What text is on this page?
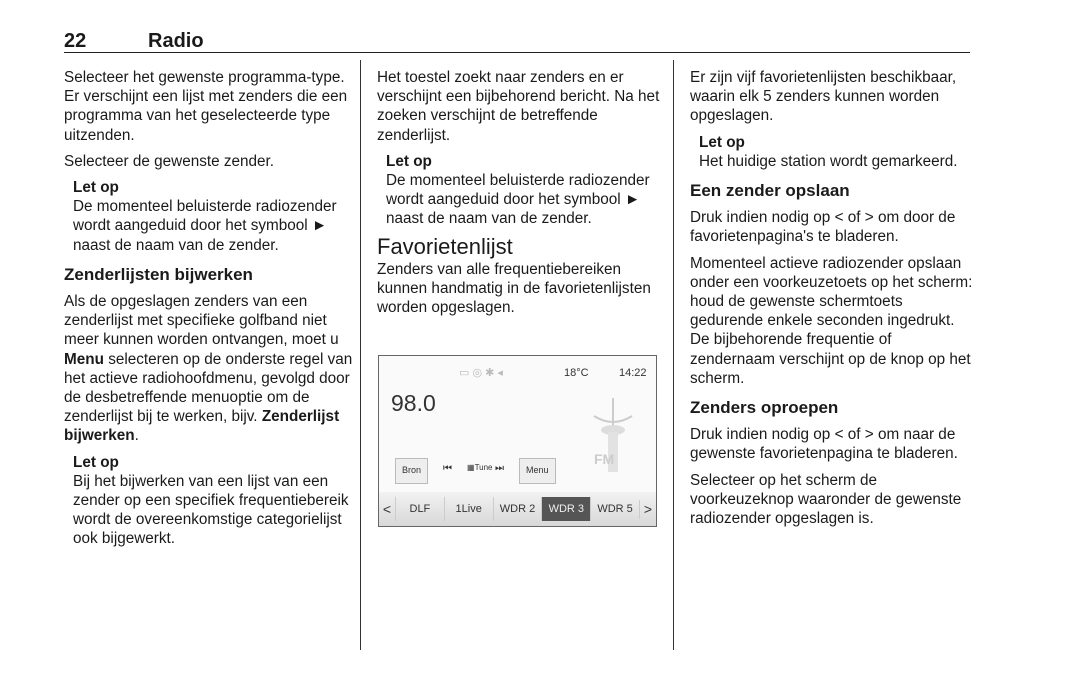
22	Radio

Selecteer het gewenste programma-type. Er verschijnt een lijst met zenders die een programma van het geselecteerde type uitzenden.

Selecteer de gewenste zender.

Let op
De momenteel beluisterde radiozender wordt aangeduid door het symbool ► naast de naam van de zender.
Zenderlijsten bijwerken

Als de opgeslagen zenders van een zenderlijst met specifieke golfband niet meer kunnen worden ontvangen, moet u Menu selecteren op de onderste regel van het actieve radiohoofdmenu, gevolgd door de desbetreffende menuoptie om de zenderlijst bij te werken, bijv. Zenderlijst bijwerken.

Let op
Bij het bijwerken van een lijst van een zender op een specifiek frequentiebereik wordt de overeenkomstige categorielijst ook bijgewerkt.

Het toestel zoekt naar zenders en er verschijnt een bijbehorend bericht. Na het zoeken verschijnt de betreffende zenderlijst.

Let op
De momenteel beluisterde radiozender wordt aangeduid door het symbool ► naast de naam van de zender.
Favorietenlijst

Zenders van alle frequentiebereiken kunnen handmatig in de favorietenlijsten worden opgeslagen.

▭ ◎ ✱ ◂	18°C	14:22
98.0
Bron	⏮ ▦Tune ⏭	Menu
FM
<	DLF	1Live	WDR 2	WDR 3	WDR 5 >

Er zijn vijf favorietenlijsten beschikbaar, waarin elk 5 zenders kunnen worden opgeslagen.

Let op
Het huidige station wordt gemarkeerd.
Een zender opslaan

Druk indien nodig op < of > om door de favorietenpagina's te bladeren.

Momenteel actieve radiozender opslaan onder een voorkeuzetoets op het scherm: houd de gewenste schermtoets gedurende enkele seconden ingedrukt. De bijbehorende frequentie of zendernaam verschijnt op de knop op het scherm.

Zenders oproepen

Druk indien nodig op < of > om naar de gewenste favorietenpagina te bladeren.

Selecteer op het scherm de voorkeuzeknop waaronder de gewenste radiozender opgeslagen is.
